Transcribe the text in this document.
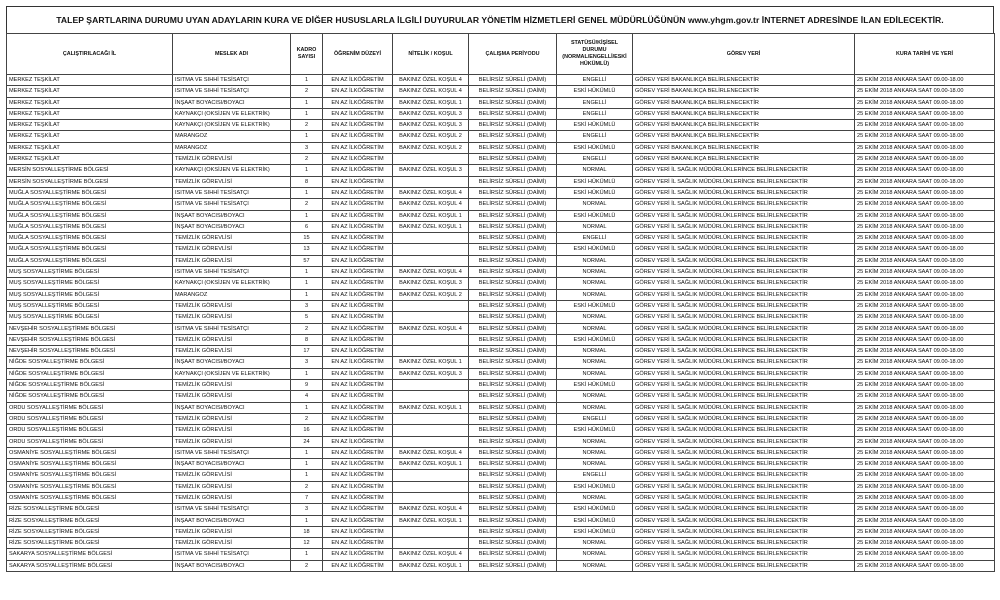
TALEP ŞARTLARINA DURUMU UYAN ADAYLARIN KURA VE DİĞER HUSUSLARLA İLGİLİ DUYURULAR YÖNETİM HİZMETLERİ GENEL MÜDÜRLÜĞÜNÜN www.yhgm.gov.tr İNTERNET ADRESİNDE İLAN EDİLECEKTİR.
ÇALIŞTIRILACAĞI İL	MESLEK ADI	KADRO SAYISI	ÖĞRENİM DÜZEYİ	NİTELİK / KOŞUL	ÇALIŞMA PERİYODU	STATÜSÜ/KİŞİSEL DURUMU (NORMAL/ENGELLİ/ESKİ HÜKÜMLÜ)	GÖREV YERİ	KURA TARİHİ VE YERİ
MERKEZ TEŞKİLAT	ISITMA VE SIHHİ TESİSATÇI	1	EN AZ İLKÖĞRETİM	BAKINIZ ÖZEL KOŞUL 4	BELİRSİZ SÜRELİ (DAİMİ)	ENGELLİ	GÖREV YERİ BAKANLIKÇA BELİRLENECEKTİR	25 EKİM 2018 ANKARA SAAT 09.00-18.00
MERKEZ TEŞKİLAT	ISITMA VE SIHHİ TESİSATÇI	2	EN AZ İLKÖĞRETİM	BAKINIZ ÖZEL KOŞUL 4	BELİRSİZ SÜRELİ (DAİMİ)	ESKİ HÜKÜMLÜ	GÖREV YERİ BAKANLIKÇA BELİRLENECEKTİR	25 EKİM 2018 ANKARA SAAT 09.00-18.00
MERKEZ TEŞKİLAT	İNŞAAT BOYACISI/BOYACI	1	EN AZ İLKÖĞRETİM	BAKINIZ ÖZEL KOŞUL 1	BELİRSİZ SÜRELİ (DAİMİ)	ENGELLİ	GÖREV YERİ BAKANLIKÇA BELİRLENECEKTİR	25 EKİM 2018 ANKARA SAAT 09.00-18.00
MERKEZ TEŞKİLAT	KAYNAKÇI (OKSİJEN VE ELEKTRİK)	1	EN AZ İLKÖĞRETİM	BAKINIZ ÖZEL KOŞUL 3	BELİRSİZ SÜRELİ (DAİMİ)	ENGELLİ	GÖREV YERİ BAKANLIKÇA BELİRLENECEKTİR	25 EKİM 2018 ANKARA SAAT 09.00-18.00
MERKEZ TEŞKİLAT	KAYNAKÇI (OKSİJEN VE ELEKTRİK)	2	EN AZ İLKÖĞRETİM	BAKINIZ ÖZEL KOŞUL 3	BELİRSİZ SÜRELİ (DAİMİ)	ESKİ HÜKÜMLÜ	GÖREV YERİ BAKANLIKÇA BELİRLENECEKTİR	25 EKİM 2018 ANKARA SAAT 09.00-18.00
MERKEZ TEŞKİLAT	MARANGOZ	1	EN AZ İLKÖĞRETİM	BAKINIZ ÖZEL KOŞUL 2	BELİRSİZ SÜRELİ (DAİMİ)	ENGELLİ	GÖREV YERİ BAKANLIKÇA BELİRLENECEKTİR	25 EKİM 2018 ANKARA SAAT 09.00-18.00
MERKEZ TEŞKİLAT	MARANGOZ	3	EN AZ İLKÖĞRETİM	BAKINIZ ÖZEL KOŞUL 2	BELİRSİZ SÜRELİ (DAİMİ)	ESKİ HÜKÜMLÜ	GÖREV YERİ BAKANLIKÇA BELİRLENECEKTİR	25 EKİM 2018 ANKARA SAAT 09.00-18.00
MERKEZ TEŞKİLAT	TEMİZLİK GÖREVLİSİ	2	EN AZ İLKÖĞRETİM		BELİRSİZ SÜRELİ (DAİMİ)	ENGELLİ	GÖREV YERİ BAKANLIKÇA BELİRLENECEKTİR	25 EKİM 2018 ANKARA SAAT 09.00-18.00
MERSİN SOSYALLEŞTİRME BÖLGESİ	KAYNAKÇI (OKSİJEN VE ELEKTRİK)	1	EN AZ İLKÖĞRETİM	BAKINIZ ÖZEL KOŞUL 3	BELİRSİZ SÜRELİ (DAİMİ)	NORMAL	GÖREV YERİ İL SAĞLIK MÜDÜRLÜKLERİNCE BELİRLENECEKTİR	25 EKİM 2018 ANKARA SAAT 09.00-18.00
MERSİN SOSYALLEŞTİRME BÖLGESİ	TEMİZLİK GÖREVLİSİ	8	EN AZ İLKÖĞRETİM		BELİRSİZ SÜRELİ (DAİMİ)	ESKİ HÜKÜMLÜ	GÖREV YERİ İL SAĞLIK MÜDÜRLÜKLERİNCE BELİRLENECEKTİR	25 EKİM 2018 ANKARA SAAT 09.00-18.00
MUĞLA SOSYALLEŞTİRME BÖLGESİ	ISITMA VE SIHHİ TESİSATÇI	1	EN AZ İLKÖĞRETİM	BAKINIZ ÖZEL KOŞUL 4	BELİRSİZ SÜRELİ (DAİMİ)	ESKİ HÜKÜMLÜ	GÖREV YERİ İL SAĞLIK MÜDÜRLÜKLERİNCE BELİRLENECEKTİR	25 EKİM 2018 ANKARA SAAT 09.00-18.00
MUĞLA SOSYALLEŞTİRME BÖLGESİ	ISITMA VE SIHHİ TESİSATÇI	2	EN AZ İLKÖĞRETİM	BAKINIZ ÖZEL KOŞUL 4	BELİRSİZ SÜRELİ (DAİMİ)	NORMAL	GÖREV YERİ İL SAĞLIK MÜDÜRLÜKLERİNCE BELİRLENECEKTİR	25 EKİM 2018 ANKARA SAAT 09.00-18.00
MUĞLA SOSYALLEŞTİRME BÖLGESİ	İNŞAAT BOYACISI/BOYACI	1	EN AZ İLKÖĞRETİM	BAKINIZ ÖZEL KOŞUL 1	BELİRSİZ SÜRELİ (DAİMİ)	ESKİ HÜKÜMLÜ	GÖREV YERİ İL SAĞLIK MÜDÜRLÜKLERİNCE BELİRLENECEKTİR	25 EKİM 2018 ANKARA SAAT 09.00-18.00
MUĞLA SOSYALLEŞTİRME BÖLGESİ	İNŞAAT BOYACISI/BOYACI	6	EN AZ İLKÖĞRETİM	BAKINIZ ÖZEL KOŞUL 1	BELİRSİZ SÜRELİ (DAİMİ)	NORMAL	GÖREV YERİ İL SAĞLIK MÜDÜRLÜKLERİNCE BELİRLENECEKTİR	25 EKİM 2018 ANKARA SAAT 09.00-18.00
MUĞLA SOSYALLEŞTİRME BÖLGESİ	TEMİZLİK GÖREVLİSİ	15	EN AZ İLKÖĞRETİM		BELİRSİZ SÜRELİ (DAİMİ)	ENGELLİ	GÖREV YERİ İL SAĞLIK MÜDÜRLÜKLERİNCE BELİRLENECEKTİR	25 EKİM 2018 ANKARA SAAT 09.00-18.00
MUĞLA SOSYALLEŞTİRME BÖLGESİ	TEMİZLİK GÖREVLİSİ	13	EN AZ İLKÖĞRETİM		BELİRSİZ SÜRELİ (DAİMİ)	ESKİ HÜKÜMLÜ	GÖREV YERİ İL SAĞLIK MÜDÜRLÜKLERİNCE BELİRLENECEKTİR	25 EKİM 2018 ANKARA SAAT 09.00-18.00
MUĞLA SOSYALLEŞTİRME BÖLGESİ	TEMİZLİK GÖREVLİSİ	57	EN AZ İLKÖĞRETİM		BELİRSİZ SÜRELİ (DAİMİ)	NORMAL	GÖREV YERİ İL SAĞLIK MÜDÜRLÜKLERİNCE BELİRLENECEKTİR	25 EKİM 2018 ANKARA SAAT 09.00-18.00
MUŞ SOSYALLEŞTİRME BÖLGESİ	ISITMA VE SIHHİ TESİSATÇI	1	EN AZ İLKÖĞRETİM	BAKINIZ ÖZEL KOŞUL 4	BELİRSİZ SÜRELİ (DAİMİ)	NORMAL	GÖREV YERİ İL SAĞLIK MÜDÜRLÜKLERİNCE BELİRLENECEKTİR	25 EKİM 2018 ANKARA SAAT 09.00-18.00
MUŞ SOSYALLEŞTİRME BÖLGESİ	KAYNAKÇI (OKSİJEN VE ELEKTRİK)	1	EN AZ İLKÖĞRETİM	BAKINIZ ÖZEL KOŞUL 3	BELİRSİZ SÜRELİ (DAİMİ)	NORMAL	GÖREV YERİ İL SAĞLIK MÜDÜRLÜKLERİNCE BELİRLENECEKTİR	25 EKİM 2018 ANKARA SAAT 09.00-18.00
MUŞ SOSYALLEŞTİRME BÖLGESİ	MARANGOZ	1	EN AZ İLKÖĞRETİM	BAKINIZ ÖZEL KOŞUL 2	BELİRSİZ SÜRELİ (DAİMİ)	NORMAL	GÖREV YERİ İL SAĞLIK MÜDÜRLÜKLERİNCE BELİRLENECEKTİR	25 EKİM 2018 ANKARA SAAT 09.00-18.00
MUŞ SOSYALLEŞTİRME BÖLGESİ	TEMİZLİK GÖREVLİSİ	3	EN AZ İLKÖĞRETİM		BELİRSİZ SÜRELİ (DAİMİ)	ESKİ HÜKÜMLÜ	GÖREV YERİ İL SAĞLIK MÜDÜRLÜKLERİNCE BELİRLENECEKTİR	25 EKİM 2018 ANKARA SAAT 09.00-18.00
MUŞ SOSYALLEŞTİRME BÖLGESİ	TEMİZLİK GÖREVLİSİ	5	EN AZ İLKÖĞRETİM		BELİRSİZ SÜRELİ (DAİMİ)	NORMAL	GÖREV YERİ İL SAĞLIK MÜDÜRLÜKLERİNCE BELİRLENECEKTİR	25 EKİM 2018 ANKARA SAAT 09.00-18.00
NEVŞEHİR SOSYALLEŞTİRME BÖLGESİ	ISITMA VE SIHHİ TESİSATÇI	2	EN AZ İLKÖĞRETİM	BAKINIZ ÖZEL KOŞUL 4	BELİRSİZ SÜRELİ (DAİMİ)	NORMAL	GÖREV YERİ İL SAĞLIK MÜDÜRLÜKLERİNCE BELİRLENECEKTİR	25 EKİM 2018 ANKARA SAAT 09.00-18.00
NEVŞEHİR SOSYALLEŞTİRME BÖLGESİ	TEMİZLİK GÖREVLİSİ	8	EN AZ İLKÖĞRETİM		BELİRSİZ SÜRELİ (DAİMİ)	ESKİ HÜKÜMLÜ	GÖREV YERİ İL SAĞLIK MÜDÜRLÜKLERİNCE BELİRLENECEKTİR	25 EKİM 2018 ANKARA SAAT 09.00-18.00
NEVŞEHİR SOSYALLEŞTİRME BÖLGESİ	TEMİZLİK GÖREVLİSİ	17	EN AZ İLKÖĞRETİM		BELİRSİZ SÜRELİ (DAİMİ)	NORMAL	GÖREV YERİ İL SAĞLIK MÜDÜRLÜKLERİNCE BELİRLENECEKTİR	25 EKİM 2018 ANKARA SAAT 09.00-18.00
NİĞDE SOSYALLEŞTİRME BÖLGESİ	İNŞAAT BOYACISI/BOYACI	3	EN AZ İLKÖĞRETİM	BAKINIZ ÖZEL KOŞUL 1	BELİRSİZ SÜRELİ (DAİMİ)	NORMAL	GÖREV YERİ İL SAĞLIK MÜDÜRLÜKLERİNCE BELİRLENECEKTİR	25 EKİM 2018 ANKARA SAAT 09.00-18.00
NİĞDE SOSYALLEŞTİRME BÖLGESİ	KAYNAKÇI (OKSİJEN VE ELEKTRİK)	1	EN AZ İLKÖĞRETİM	BAKINIZ ÖZEL KOŞUL 3	BELİRSİZ SÜRELİ (DAİMİ)	NORMAL	GÖREV YERİ İL SAĞLIK MÜDÜRLÜKLERİNCE BELİRLENECEKTİR	25 EKİM 2018 ANKARA SAAT 09.00-18.00
NİĞDE SOSYALLEŞTİRME BÖLGESİ	TEMİZLİK GÖREVLİSİ	9	EN AZ İLKÖĞRETİM		BELİRSİZ SÜRELİ (DAİMİ)	ESKİ HÜKÜMLÜ	GÖREV YERİ İL SAĞLIK MÜDÜRLÜKLERİNCE BELİRLENECEKTİR	25 EKİM 2018 ANKARA SAAT 09.00-18.00
NİĞDE SOSYALLEŞTİRME BÖLGESİ	TEMİZLİK GÖREVLİSİ	4	EN AZ İLKÖĞRETİM		BELİRSİZ SÜRELİ (DAİMİ)	NORMAL	GÖREV YERİ İL SAĞLIK MÜDÜRLÜKLERİNCE BELİRLENECEKTİR	25 EKİM 2018 ANKARA SAAT 09.00-18.00
ORDU SOSYALLEŞTİRME BÖLGESİ	İNŞAAT BOYACISI/BOYACI	1	EN AZ İLKÖĞRETİM	BAKINIZ ÖZEL KOŞUL 1	BELİRSİZ SÜRELİ (DAİMİ)	NORMAL	GÖREV YERİ İL SAĞLIK MÜDÜRLÜKLERİNCE BELİRLENECEKTİR	25 EKİM 2018 ANKARA SAAT 09.00-18.00
ORDU SOSYALLEŞTİRME BÖLGESİ	TEMİZLİK GÖREVLİSİ	2	EN AZ İLKÖĞRETİM		BELİRSİZ SÜRELİ (DAİMİ)	ENGELLİ	GÖREV YERİ İL SAĞLIK MÜDÜRLÜKLERİNCE BELİRLENECEKTİR	25 EKİM 2018 ANKARA SAAT 09.00-18.00
ORDU SOSYALLEŞTİRME BÖLGESİ	TEMİZLİK GÖREVLİSİ	16	EN AZ İLKÖĞRETİM		BELİRSİZ SÜRELİ (DAİMİ)	ESKİ HÜKÜMLÜ	GÖREV YERİ İL SAĞLIK MÜDÜRLÜKLERİNCE BELİRLENECEKTİR	25 EKİM 2018 ANKARA SAAT 09.00-18.00
ORDU SOSYALLEŞTİRME BÖLGESİ	TEMİZLİK GÖREVLİSİ	24	EN AZ İLKÖĞRETİM		BELİRSİZ SÜRELİ (DAİMİ)	NORMAL	GÖREV YERİ İL SAĞLIK MÜDÜRLÜKLERİNCE BELİRLENECEKTİR	25 EKİM 2018 ANKARA SAAT 09.00-18.00
OSMANİYE SOSYALLEŞTİRME BÖLGESİ	ISITMA VE SIHHİ TESİSATÇI	1	EN AZ İLKÖĞRETİM	BAKINIZ ÖZEL KOŞUL 4	BELİRSİZ SÜRELİ (DAİMİ)	NORMAL	GÖREV YERİ İL SAĞLIK MÜDÜRLÜKLERİNCE BELİRLENECEKTİR	25 EKİM 2018 ANKARA SAAT 09.00-18.00
OSMANİYE SOSYALLEŞTİRME BÖLGESİ	İNŞAAT BOYACISI/BOYACI	1	EN AZ İLKÖĞRETİM	BAKINIZ ÖZEL KOŞUL 1	BELİRSİZ SÜRELİ (DAİMİ)	NORMAL	GÖREV YERİ İL SAĞLIK MÜDÜRLÜKLERİNCE BELİRLENECEKTİR	25 EKİM 2018 ANKARA SAAT 09.00-18.00
OSMANİYE SOSYALLEŞTİRME BÖLGESİ	TEMİZLİK GÖREVLİSİ	1	EN AZ İLKÖĞRETİM		BELİRSİZ SÜRELİ (DAİMİ)	ENGELLİ	GÖREV YERİ İL SAĞLIK MÜDÜRLÜKLERİNCE BELİRLENECEKTİR	25 EKİM 2018 ANKARA SAAT 09.00-18.00
OSMANİYE SOSYALLEŞTİRME BÖLGESİ	TEMİZLİK GÖREVLİSİ	2	EN AZ İLKÖĞRETİM		BELİRSİZ SÜRELİ (DAİMİ)	ESKİ HÜKÜMLÜ	GÖREV YERİ İL SAĞLIK MÜDÜRLÜKLERİNCE BELİRLENECEKTİR	25 EKİM 2018 ANKARA SAAT 09.00-18.00
OSMANİYE SOSYALLEŞTİRME BÖLGESİ	TEMİZLİK GÖREVLİSİ	7	EN AZ İLKÖĞRETİM		BELİRSİZ SÜRELİ (DAİMİ)	NORMAL	GÖREV YERİ İL SAĞLIK MÜDÜRLÜKLERİNCE BELİRLENECEKTİR	25 EKİM 2018 ANKARA SAAT 09.00-18.00
RİZE SOSYALLEŞTİRME BÖLGESİ	ISITMA VE SIHHİ TESİSATÇI	3	EN AZ İLKÖĞRETİM	BAKINIZ ÖZEL KOŞUL 4	BELİRSİZ SÜRELİ (DAİMİ)	ESKİ HÜKÜMLÜ	GÖREV YERİ İL SAĞLIK MÜDÜRLÜKLERİNCE BELİRLENECEKTİR	25 EKİM 2018 ANKARA SAAT 09.00-18.00
RİZE SOSYALLEŞTİRME BÖLGESİ	İNŞAAT BOYACISI/BOYACI	1	EN AZ İLKÖĞRETİM	BAKINIZ ÖZEL KOŞUL 1	BELİRSİZ SÜRELİ (DAİMİ)	ESKİ HÜKÜMLÜ	GÖREV YERİ İL SAĞLIK MÜDÜRLÜKLERİNCE BELİRLENECEKTİR	25 EKİM 2018 ANKARA SAAT 09.00-18.00
RİZE SOSYALLEŞTİRME BÖLGESİ	TEMİZLİK GÖREVLİSİ	18	EN AZ İLKÖĞRETİM		BELİRSİZ SÜRELİ (DAİMİ)	ESKİ HÜKÜMLÜ	GÖREV YERİ İL SAĞLIK MÜDÜRLÜKLERİNCE BELİRLENECEKTİR	25 EKİM 2018 ANKARA SAAT 09.00-18.00
RİZE SOSYALLEŞTİRME BÖLGESİ	TEMİZLİK GÖREVLİSİ	12	EN AZ İLKÖĞRETİM		BELİRSİZ SÜRELİ (DAİMİ)	NORMAL	GÖREV YERİ İL SAĞLIK MÜDÜRLÜKLERİNCE BELİRLENECEKTİR	25 EKİM 2018 ANKARA SAAT 09.00-18.00
SAKARYA SOSYALLEŞTİRME BÖLGESİ	ISITMA VE SIHHİ TESİSATÇI	1	EN AZ İLKÖĞRETİM	BAKINIZ ÖZEL KOŞUL 4	BELİRSİZ SÜRELİ (DAİMİ)	NORMAL	GÖREV YERİ İL SAĞLIK MÜDÜRLÜKLERİNCE BELİRLENECEKTİR	25 EKİM 2018 ANKARA SAAT 09.00-18.00
SAKARYA SOSYALLEŞTİRME BÖLGESİ	İNŞAAT BOYACISI/BOYACI	2	EN AZ İLKÖĞRETİM	BAKINIZ ÖZEL KOŞUL 1	BELİRSİZ SÜRELİ (DAİMİ)	NORMAL	GÖREV YERİ İL SAĞLIK MÜDÜRLÜKLERİNCE BELİRLENECEKTİR	25 EKİM 2018 ANKARA SAAT 09.00-18.00
